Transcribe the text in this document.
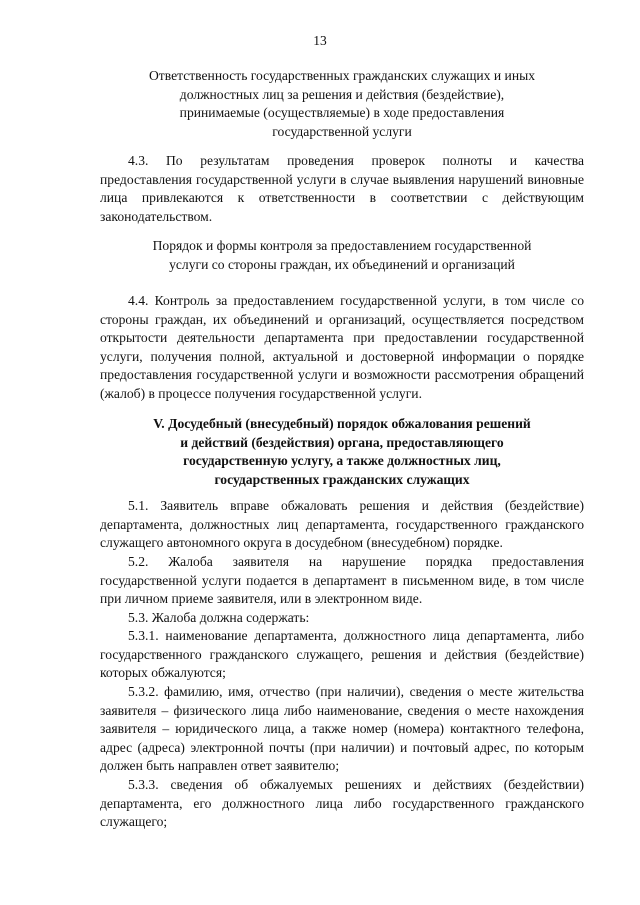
13
Ответственность государственных гражданских служащих и иных
должностных лиц за решения и действия (бездействие),
принимаемые (осуществляемые) в ходе предоставления
государственной услуги
4.3. По результатам проведения проверок полноты и качества
предоставления государственной услуги в случае выявления нарушений виновные
лица привлекаются к ответственности в соответствии с действующим
законодательством.
Порядок и формы контроля за предоставлением государственной
услуги со стороны граждан, их объединений и организаций
4.4. Контроль за предоставлением государственной услуги, в том числе со
стороны граждан, их объединений и организаций, осуществляется посредством
открытости деятельности департамента при предоставлении государственной
услуги, получения полной, актуальной и достоверной информации о порядке
предоставления государственной услуги и возможности рассмотрения обращений
(жалоб) в процессе получения государственной услуги.
V. Досудебный (внесудебный) порядок обжалования решений
и действий (бездействия) органа, предоставляющего
государственную услугу, а также должностных лиц,
государственных гражданских служащих
5.1. Заявитель вправе обжаловать решения и действия (бездействие)
департамента, должностных лиц департамента, государственного гражданского
служащего автономного округа в досудебном (внесудебном) порядке.
5.2. Жалоба заявителя на нарушение порядка предоставления
государственной услуги подается в департамент в письменном виде, в том числе
при личном приеме заявителя, или в электронном виде.
5.3. Жалоба должна содержать:
5.3.1. наименование департамента, должностного лица департамента, либо
государственного гражданского служащего, решения и действия (бездействие)
которых обжалуются;
5.3.2. фамилию, имя, отчество (при наличии), сведения о месте жительства
заявителя – физического лица либо наименование, сведения о месте нахождения
заявителя – юридического лица, а также номер (номера) контактного телефона,
адрес (адреса) электронной почты (при наличии) и почтовый адрес, по которым
должен быть направлен ответ заявителю;
5.3.3. сведения об обжалуемых решениях и действиях (бездействии)
департамента, его должностного лица либо государственного гражданского
служащего;
